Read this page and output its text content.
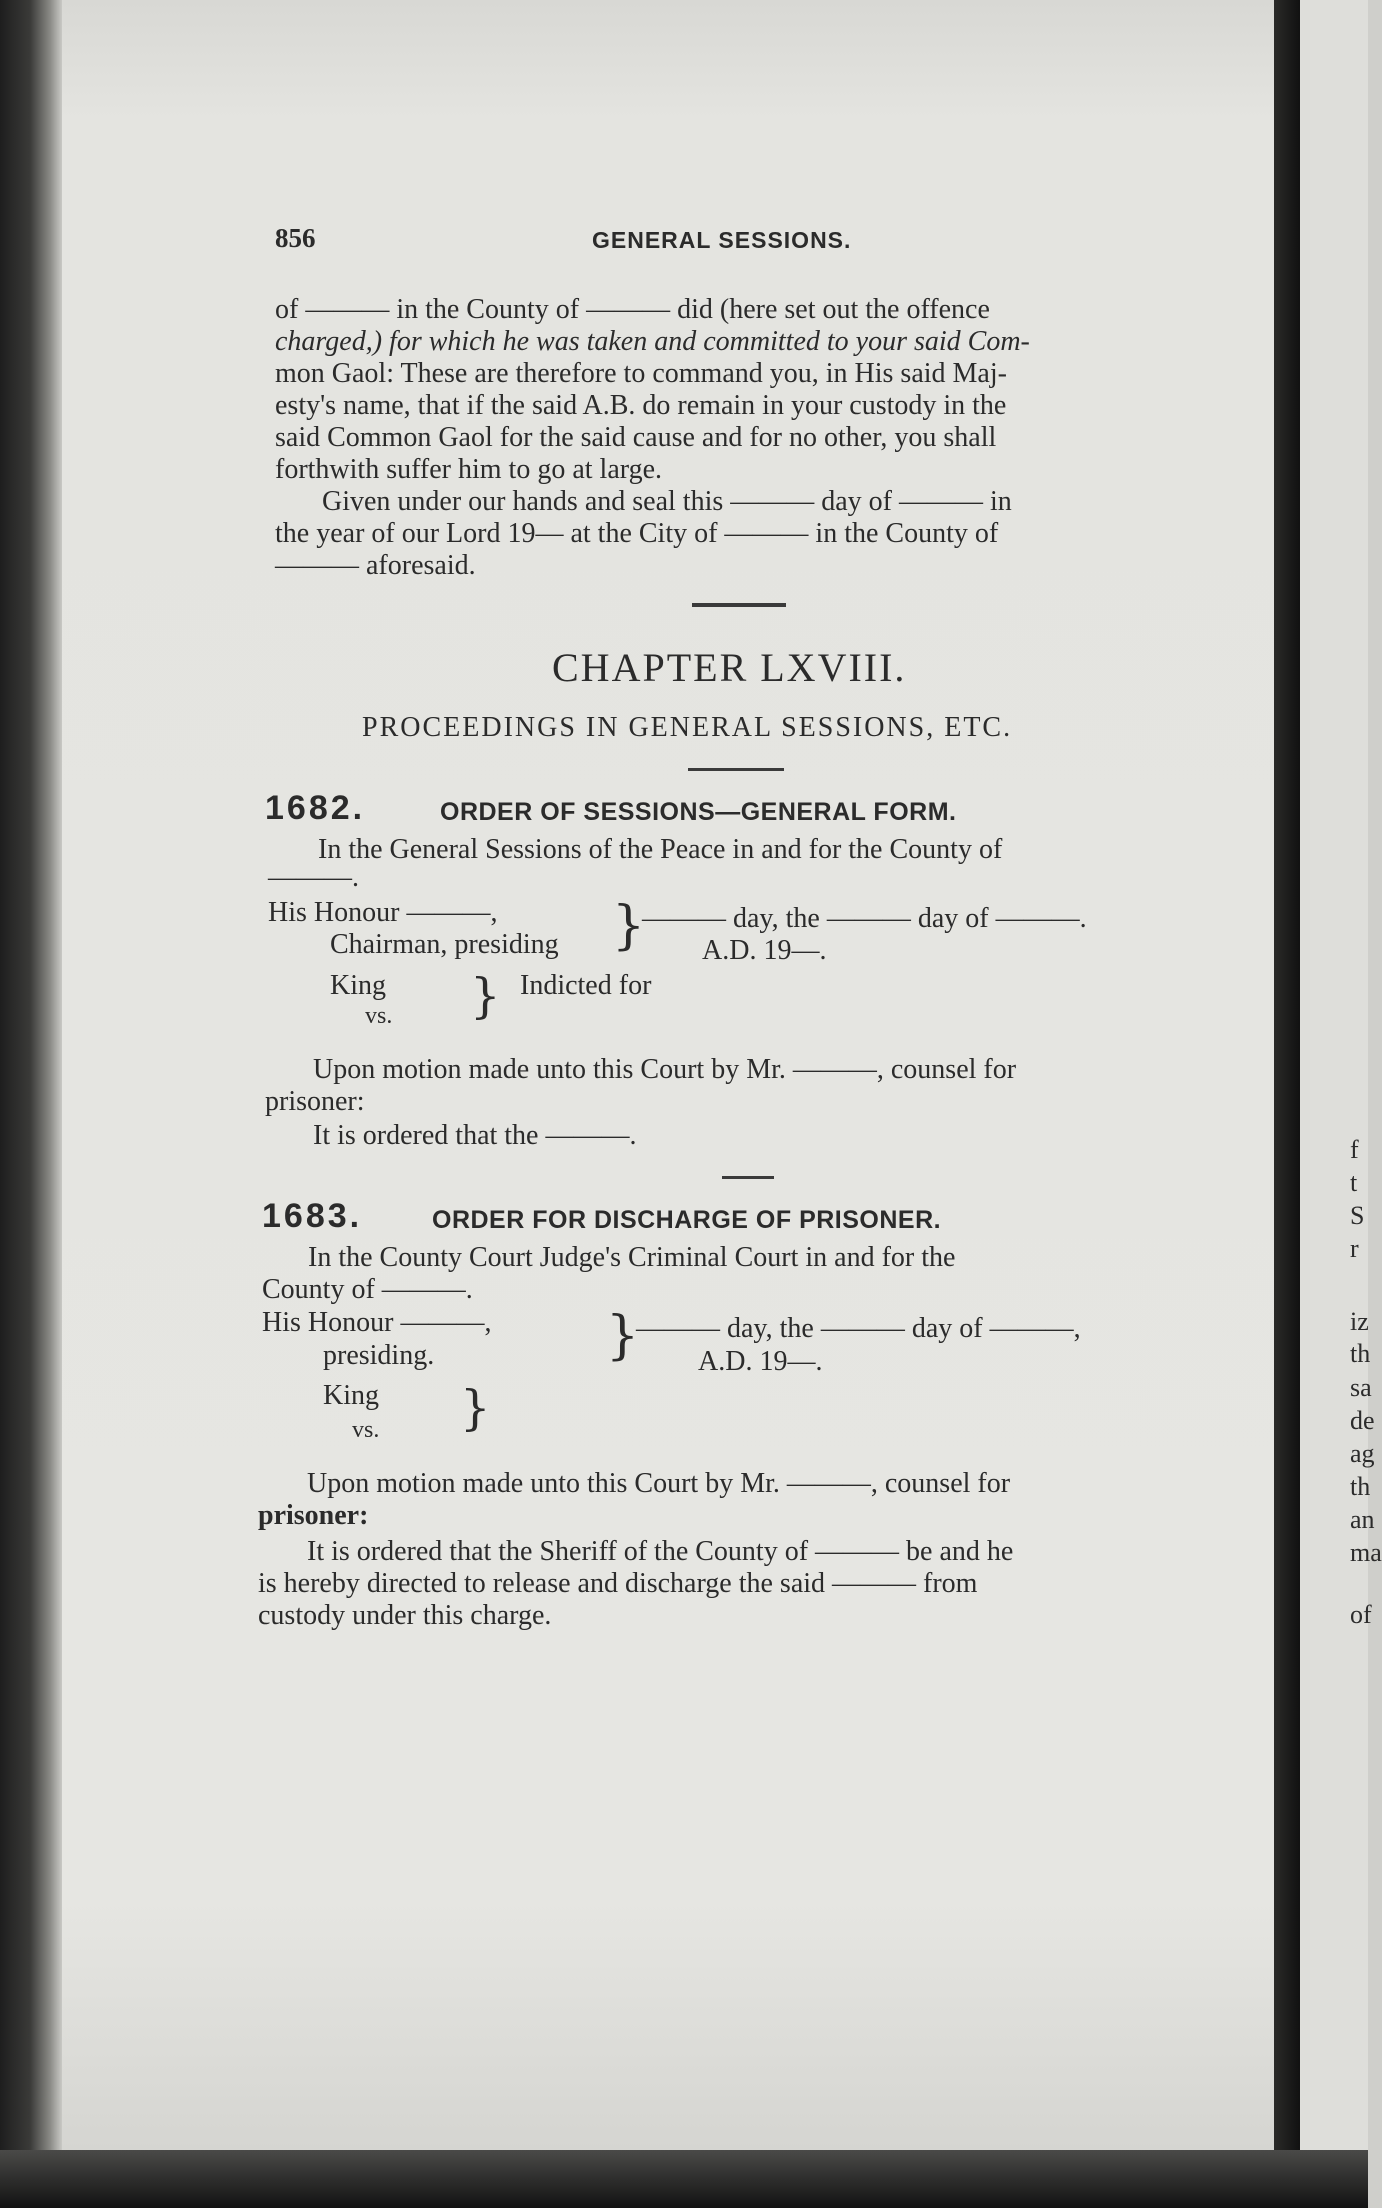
856	GENERAL SESSIONS.
of ——— in the County of ——— did (here set out the offence
charged,) for which he was taken and committed to your said Com-
mon Gaol: These are therefore to command you, in His said Maj-
esty's name, that if the said A.B. do remain in your custody in the
said Common Gaol for the said cause and for no other, you shall
forthwith suffer him to go at large.
Given under our hands and seal this ——— day of ——— in
the year of our Lord 19— at the City of ——— in the County of
——— aforesaid.
CHAPTER LXVIII.
PROCEEDINGS IN GENERAL SESSIONS, ETC.
1682.	ORDER OF SESSIONS—GENERAL FORM.
In the General Sessions of the Peace in and for the County of
———.
His Honour ———,
Chairman, presiding }
——— day, the ——— day of ———.
A.D. 19—.
King
vs. } Indicted for
Upon motion made unto this Court by Mr. ———, counsel for
prisoner:
It is ordered that the ———.
1683.	ORDER FOR DISCHARGE OF PRISONER.
In the County Court Judge's Criminal Court in and for the
County of ———.
His Honour ———,
presiding.	}
——— day, the ——— day of ———,
A.D. 19—.
King
vs. }
Upon motion made unto this Court by Mr. ———, counsel for
prisoner:
It is ordered that the Sheriff of the County of ——— be and he
is hereby directed to release and discharge the said ——— from
custody under this charge.
f
t
S
r
iz
th
sa
de
ag
th
an
ma
of
